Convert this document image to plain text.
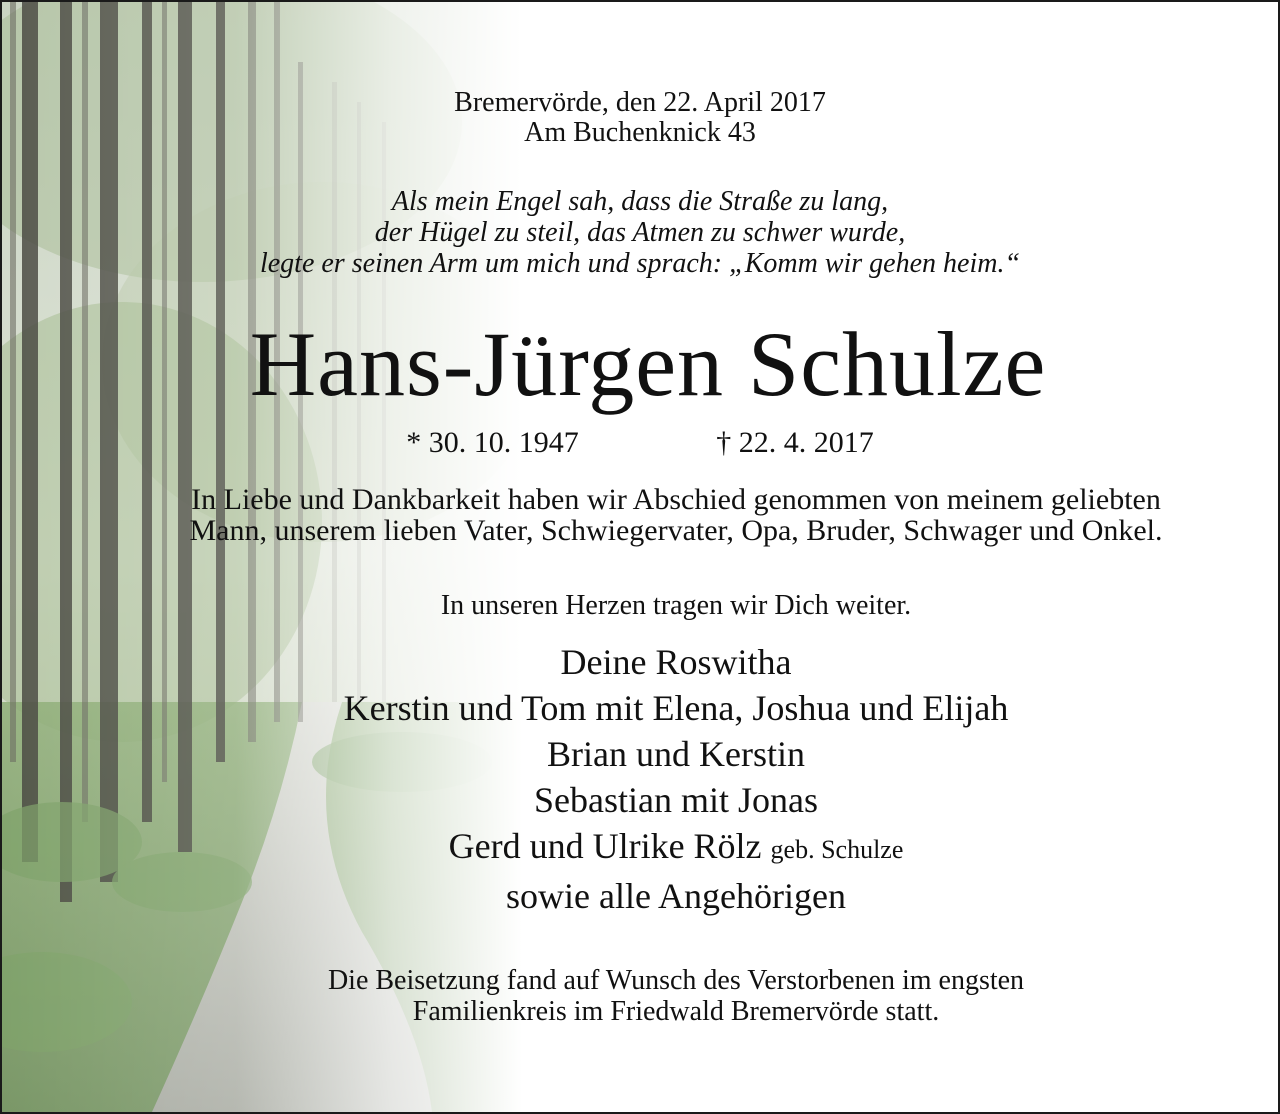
Bremervörde, den 22. April 2017
Am Buchenknick 43
Als mein Engel sah, dass die Straße zu lang,
der Hügel zu steil, das Atmen zu schwer wurde,
legte er seinen Arm um mich und sprach: „Komm wir gehen heim.“
Hans-Jürgen Schulze
* 30. 10. 1947	† 22. 4. 2017
In Liebe und Dankbarkeit haben wir Abschied genommen von meinem geliebten
Mann, unserem lieben Vater, Schwiegervater, Opa, Bruder, Schwager und Onkel.
In unseren Herzen tragen wir Dich weiter.
Deine Roswitha
Kerstin und Tom mit Elena, Joshua und Elijah
Brian und Kerstin
Sebastian mit Jonas
Gerd und Ulrike Rölz geb. Schulze
sowie alle Angehörigen
Die Beisetzung fand auf Wunsch des Verstorbenen im engsten
Familienkreis im Friedwald Bremervörde statt.
